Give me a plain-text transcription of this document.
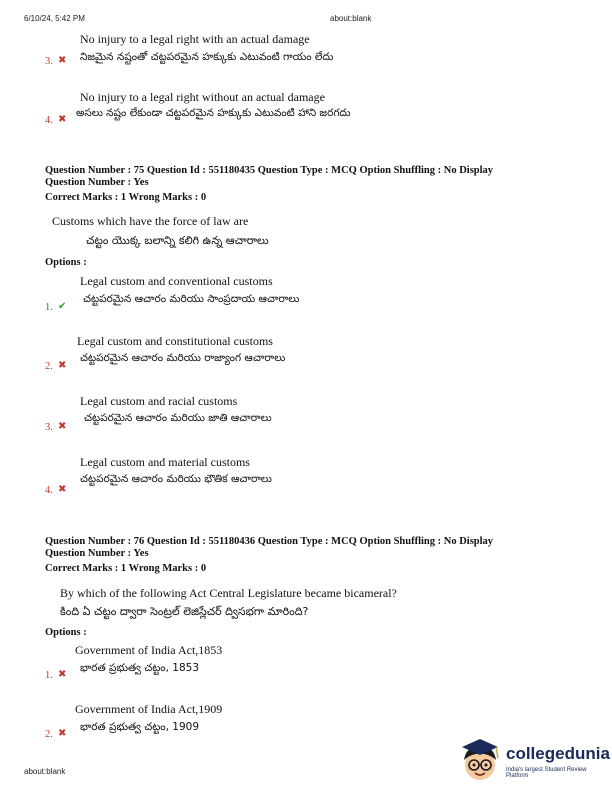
6/10/24, 5:42 PM	about:blank
No injury to a legal right with an actual damage
నిజమైన నష్టంతో చట్టపరమైన హక్కుకు ఎటువంటి గాయం లేదు
3. ✖
No injury to a legal right without an actual damage
అసలు నష్టం లేకుండా చట్టపరమైన హక్కుకు ఎటువంటి హాని జరగదు
4. ✖
Question Number : 75 Question Id : 551180435 Question Type : MCQ Option Shuffling : No Display
Question Number : Yes
Correct Marks : 1 Wrong Marks : 0
Customs which have the force of law are
చట్టం యొక్క బలాన్ని కలిగి ఉన్న ఆచారాలు
Options :
Legal custom and conventional customs
చట్టపరమైన ఆచారం మరియు సాంప్రదాయ ఆచారాలు
1. ✔
Legal custom and constitutional customs
చట్టపరమైన ఆచారం మరియు రాజ్యాంగ ఆచారాలు
2. ✖
Legal custom and racial customs
చట్టపరమైన ఆచారం మరియు జాతి ఆచారాలు
3. ✖
Legal custom and material customs
చట్టపరమైన ఆచారం మరియు భౌతిక ఆచారాలు
4. ✖
Question Number : 76 Question Id : 551180436 Question Type : MCQ Option Shuffling : No Display
Question Number : Yes
Correct Marks : 1 Wrong Marks : 0
By which of the following Act Central Legislature became bicameral?
కింది ఏ చట్టం ద్వారా సెంట్రల్ లెజిస్లేచర్ ద్విసభగా మారింది?
Options :
Government of India Act,1853
భారత ప్రభుత్వ చట్టం, 1853
1. ✖
Government of India Act,1909
భారత ప్రభుత్వ చట్టం, 1909
2. ✖
about:blank
collegedunia
India's largest Student Review Platform
